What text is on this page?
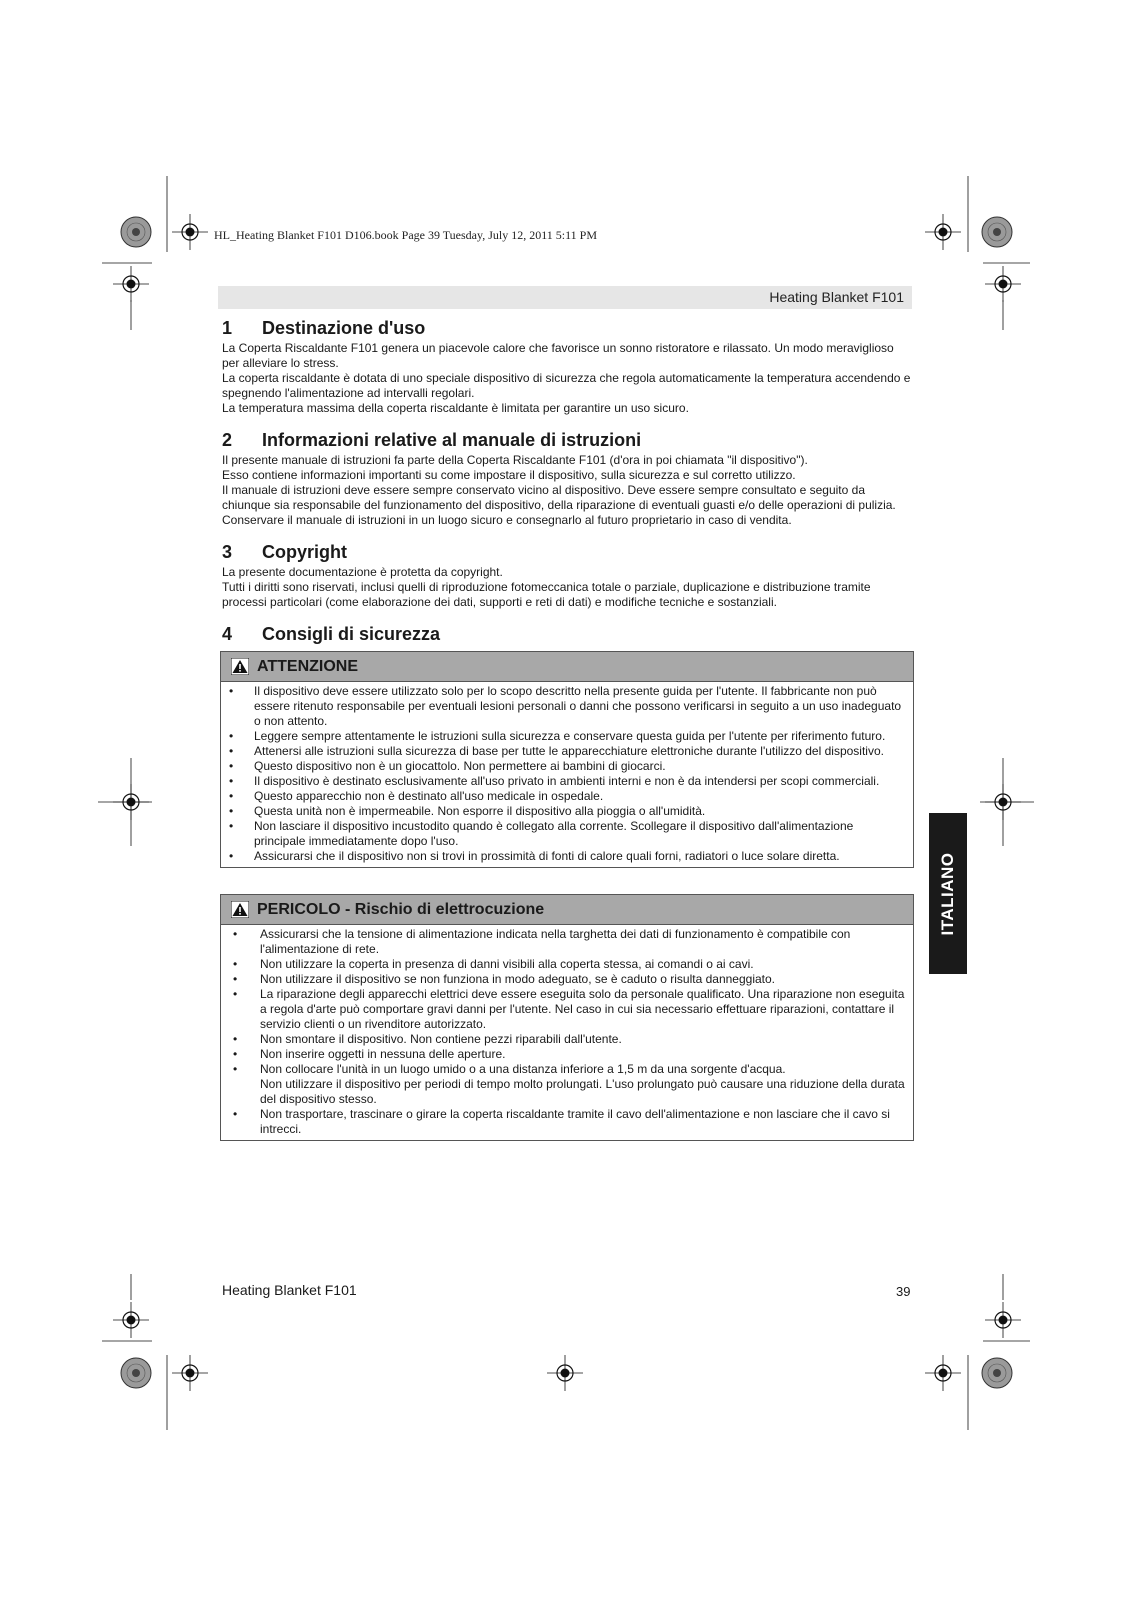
HL_Heating Blanket F101 D106.book Page 39 Tuesday, July 12, 2011 5:11 PM
Heating Blanket F101
1	Destinazione d'uso

La Coperta Riscaldante F101 genera un piacevole calore che favorisce un sonno ristoratore e rilassato. Un modo meraviglioso per alleviare lo stress.

La coperta riscaldante è dotata di uno speciale dispositivo di sicurezza che regola automaticamente la temperatura accendendo e spegnendo l'alimentazione ad intervalli regolari.

La temperatura massima della coperta riscaldante è limitata per garantire un uso sicuro.

2	Informazioni relative al manuale di istruzioni

Il presente manuale di istruzioni fa parte della Coperta Riscaldante F101 (d'ora in poi chiamata "il dispositivo").

Esso contiene informazioni importanti su come impostare il dispositivo, sulla sicurezza e sul corretto utilizzo.

Il manuale di istruzioni deve essere sempre conservato vicino al dispositivo. Deve essere sempre consultato e seguito da chiunque sia responsabile del funzionamento del dispositivo, della riparazione di eventuali guasti e/o delle operazioni di pulizia.

Conservare il manuale di istruzioni in un luogo sicuro e consegnarlo al futuro proprietario in caso di vendita.

3	Copyright

La presente documentazione è protetta da copyright.

Tutti i diritti sono riservati, inclusi quelli di riproduzione fotomeccanica totale o parziale, duplicazione e distribuzione tramite processi particolari (come elaborazione dei dati, supporti e reti di dati) e modifiche tecniche e sostanziali.

4	Consigli di sicurezza
ATTENZIONE
• Il dispositivo deve essere utilizzato solo per lo scopo descritto nella presente guida per l'utente. Il fabbricante non può essere ritenuto responsabile per eventuali lesioni personali o danni che possono verificarsi in seguito a un uso inadeguato o non attento.
• Leggere sempre attentamente le istruzioni sulla sicurezza e conservare questa guida per l'utente per riferimento futuro.
• Attenersi alle istruzioni sulla sicurezza di base per tutte le apparecchiature elettroniche durante l'utilizzo del dispositivo.
• Questo dispositivo non è un giocattolo. Non permettere ai bambini di giocarci.
• Il dispositivo è destinato esclusivamente all'uso privato in ambienti interni e non è da intendersi per scopi commerciali.
• Questo apparecchio non è destinato all'uso medicale in ospedale.
• Questa unità non è impermeabile. Non esporre il dispositivo alla pioggia o all'umidità.
• Non lasciare il dispositivo incustodito quando è collegato alla corrente. Scollegare il dispositivo dall'alimentazione principale immediatamente dopo l'uso.
• Assicurarsi che il dispositivo non si trovi in prossimità di fonti di calore quali forni, radiatori o luce solare diretta.
PERICOLO - Rischio di elettrocuzione
• Assicurarsi che la tensione di alimentazione indicata nella targhetta dei dati di funzionamento è compatibile con l'alimentazione di rete.
• Non utilizzare la coperta in presenza di danni visibili alla coperta stessa, ai comandi o ai cavi.
• Non utilizzare il dispositivo se non funziona in modo adeguato, se è caduto o risulta danneggiato.
• La riparazione degli apparecchi elettrici deve essere eseguita solo da personale qualificato. Una riparazione non eseguita a regola d'arte può comportare gravi danni per l'utente. Nel caso in cui sia necessario effettuare riparazioni, contattare il servizio clienti o un rivenditore autorizzato.
• Non smontare il dispositivo. Non contiene pezzi riparabili dall'utente.
• Non inserire oggetti in nessuna delle aperture.
• Non collocare l'unità in un luogo umido o a una distanza inferiore a 1,5 m da una sorgente d'acqua.
Non utilizzare il dispositivo per periodi di tempo molto prolungati. L'uso prolungato può causare una riduzione della durata del dispositivo stesso.
• Non trasportare, trascinare o girare la coperta riscaldante tramite il cavo dell'alimentazione e non lasciare che il cavo si intrecci.
ITALIANO
Heating Blanket F101	39
